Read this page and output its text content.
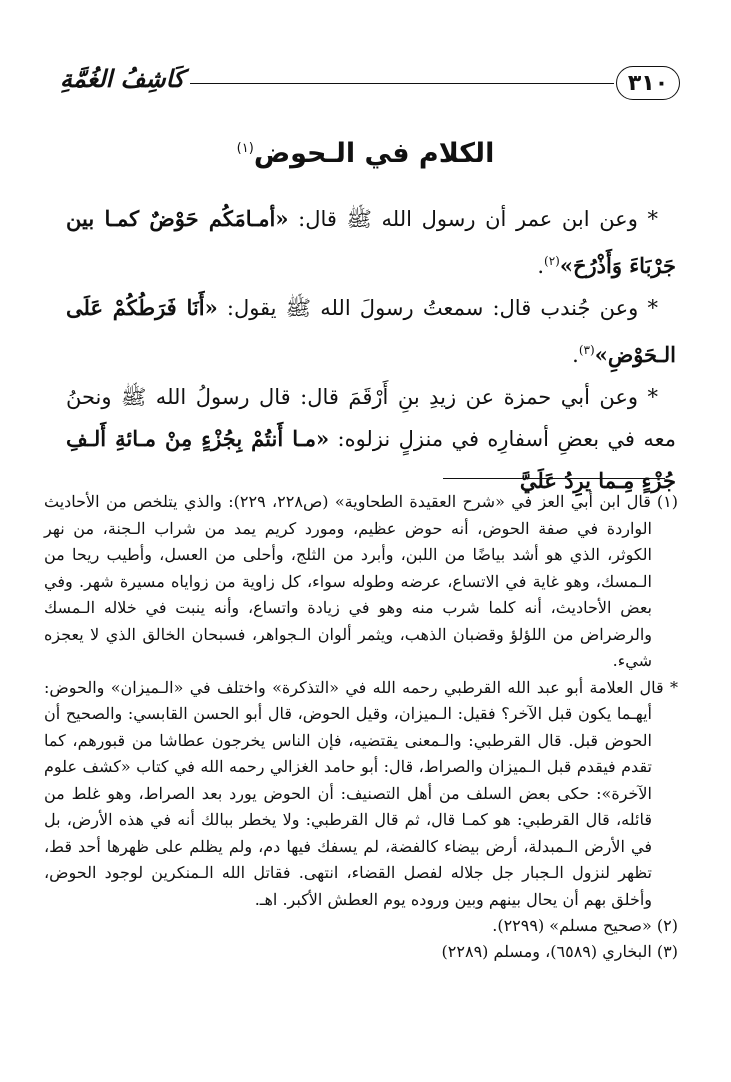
٣١٠
كَاشِفُ الغُمَّةِ
الكلام في الـحوض$^{(١)}$

* وعن ابن عمر أن رسول الله ﷺ قال: «أمـامَكُم حَوْضٌ كمـا بين جَرْبَاءَ وَأَذْرُحَ»$^{(٢)}$.

* وعن جُندب قال: سمعتُ رسولَ الله ﷺ يقول: «أَنَا فَرَطُكُمْ عَلَى الـحَوْضِ»$^{(٣)}$.

* وعن أبي حمزة عن زيدِ بنِ أَرْقَمَ قال: قال رسولُ الله ﷺ ونحنُ معه في بعضِ أسفارِه في منزلٍ نزلوه: «مـا أَنتُمْ بِجُزْءٍ مِنْ مـائةِ أَلـفِ جُزْءٍ مِـما يرِدُ عَلَيَّ

(١)قال ابن أبي العز في «شرح العقيدة الطحاوية» (ص٢٢٨، ٢٢٩): والذي يتلخص من الأحاديث الواردة في صفة الحوض، أنه حوض عظيم، ومورد كريم يمد من شراب الـجنة، من نهر الكوثر، الذي هو أشد بياضًا من اللبن، وأبرد من الثلج، وأحلى من العسل، وأطيب ريحا من الـمسك، وهو غاية في الاتساع، عرضه وطوله سواء، كل زاوية من زواياه مسيرة شهر. وفي بعض الأحاديث، أنه كلما شرب منه وهو في زيادة واتساع، وأنه ينبت في خلاله الـمسك والرضراض من اللؤلؤ وقضبان الذهب، ويثمر ألوان الـجواهر، فسبحان الخالق الذي لا يعجزه شيء.

* قال العلامة أبو عبد الله القرطبي رحمه الله في «التذكرة» واختلف في «الـميزان» والحوض: أيهـما يكون قبل الآخر؟ فقيل: الـميزان، وقيل الحوض، قال أبو الحسن القابسي: والصحيح أن الحوض قبل. قال القرطبي: والـمعنى يقتضيه، فإن الناس يخرجون عطاشا من قبورهم، كما تقدم فيقدم قبل الـميزان والصراط، قال: أبو حامد الغزالي رحمه الله في كتاب «كشف علوم الآخرة»: حكى بعض السلف من أهل التصنيف: أن الحوض يورد بعد الصراط، وهو غلط من قائله، قال القرطبي: هو كمـا قال، ثم قال القرطبي: ولا يخطر ببالك أنه في هذه الأرض، بل في الأرض الـمبدلة، أرض بيضاء كالفضة، لم يسفك فيها دم، ولم يظلم على ظهرها أحد قط، تظهر لنزول الـجبار جل جلاله لفصل القضاء، انتهى. فقاتل الله الـمنكرين لوجود الحوض، وأخلق بهم أن يحال بينهم وبين وروده يوم العطش الأكبر. اهـ.

(٢) «صحيح مسلم» (٢٢٩٩).

(٣) البخاري (٦٥٨٩)، ومسلم (٢٢٨٩)
